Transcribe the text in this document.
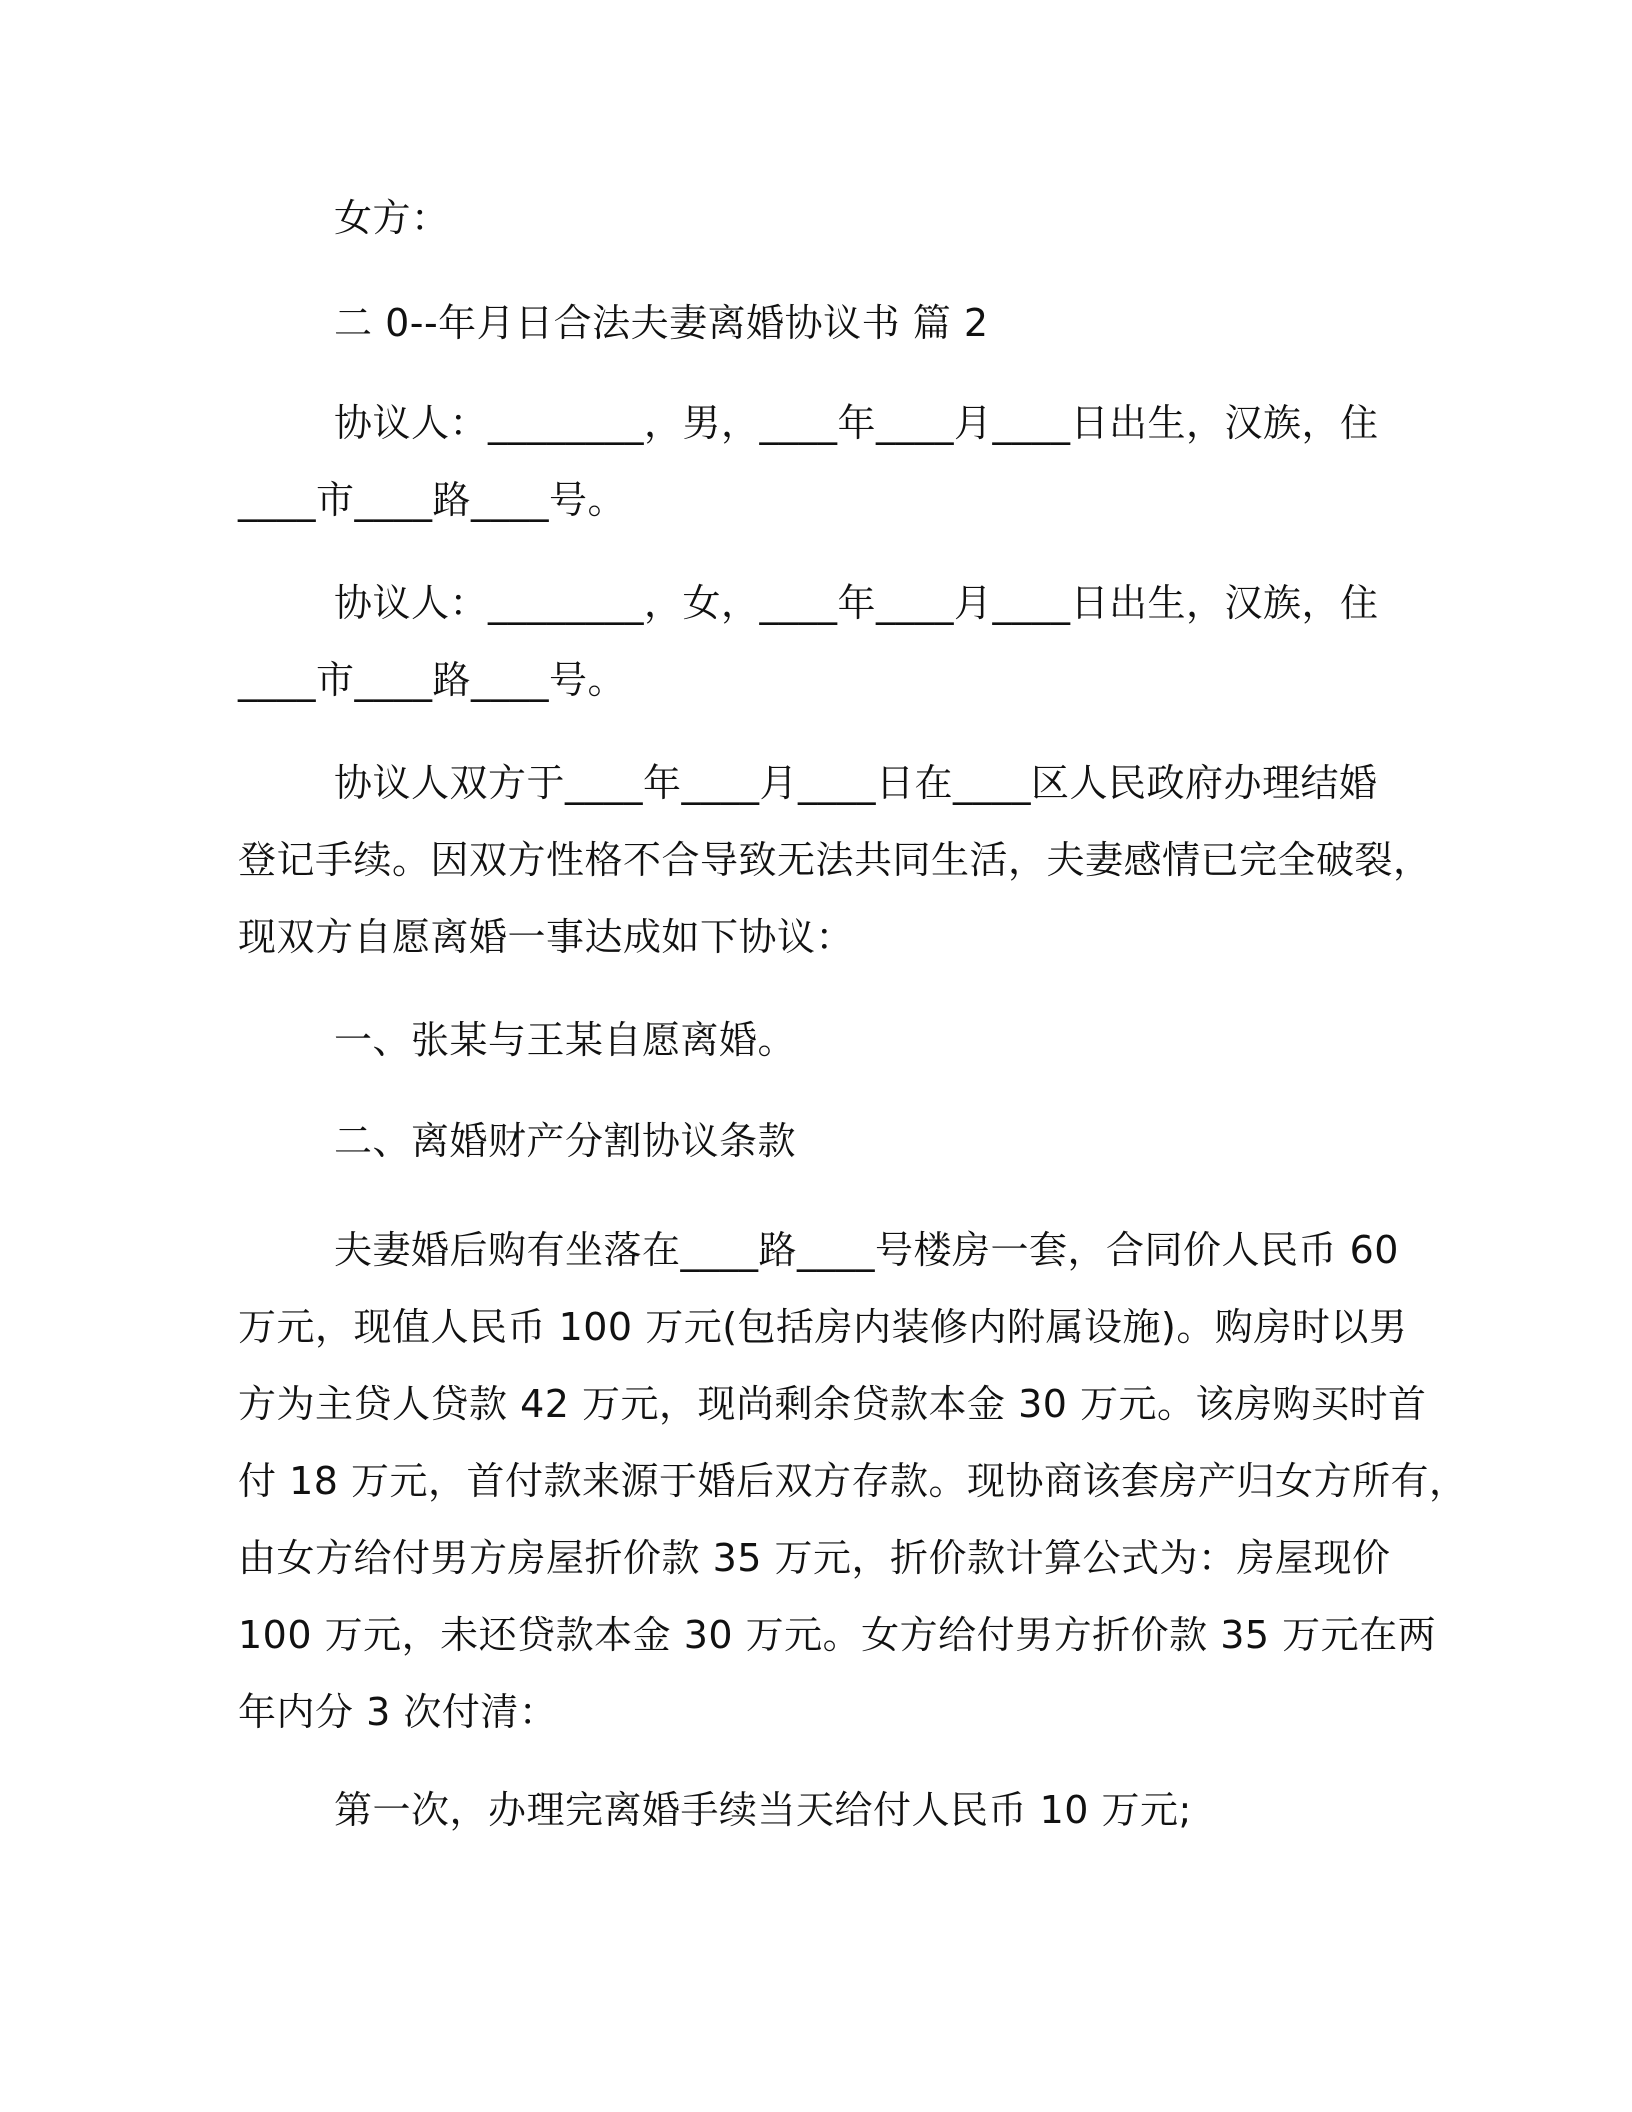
女方：
二 0--年月日合法夫妻离婚协议书 篇 2
协议人：________，男，____年____月____日出生，汉族，住
____市____路____号。
协议人：________，女，____年____月____日出生，汉族，住
____市____路____号。
协议人双方于____年____月____日在____区人民政府办理结婚
登记手续。因双方性格不合导致无法共同生活，夫妻感情已完全破裂，
现双方自愿离婚一事达成如下协议：
一、张某与王某自愿离婚。
二、离婚财产分割协议条款
夫妻婚后购有坐落在____路____号楼房一套，合同价人民币 60
万元，现值人民币 100 万元(包括房内装修内附属设施)。购房时以男
方为主贷人贷款 42 万元，现尚剩余贷款本金 30 万元。该房购买时首
付 18 万元，首付款来源于婚后双方存款。现协商该套房产归女方所有，
由女方给付男方房屋折价款 35 万元，折价款计算公式为：房屋现价
100 万元，未还贷款本金 30 万元。女方给付男方折价款 35 万元在两
年内分 3 次付清：
第一次，办理完离婚手续当天给付人民币 10 万元;
